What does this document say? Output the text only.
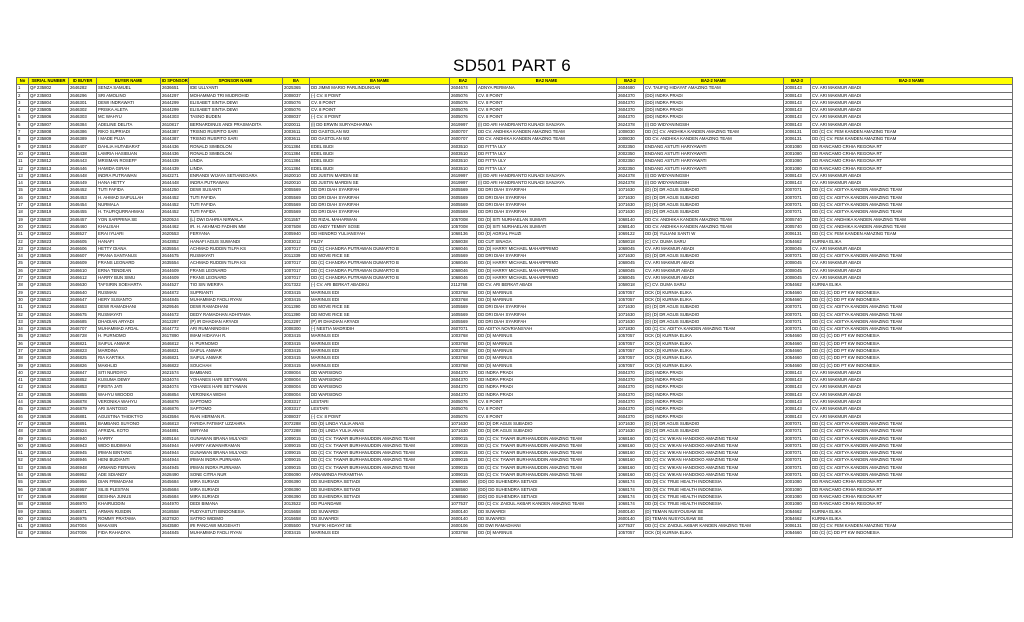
SD501 PART 6
No	SERIAL NUMBER	ID BUYER	BUYER NAME	ID SPONSOR	SPONSOR NAME	BA	BA NAME	BA2	BA2 NAME	BA2-2	BA2-2 NAME	BA2-3	BA2-3 NAME
1	Q# 235802	2646282	SENZA SAMUEL	2636651	IDE ULLYANTI	2025365	DD JIMMI MARIO PARLINDUNGAN	2604674	ADNYA PERMANA	2604680	CV. TAUFIQ HIDAYAT AMAZING TEAM	2008143	CV. ARI MAKMUR ABADI
2	Q# 235803	2646296	SRI AMOLINO	2644297	MOHAMMAD TRI MUDROHID	2008037	(-) CV. 8 POINT	2605076	CV. 8 POINT	2604370	(DD) INDRA PRADI	2008143	CV. ARI MAKMUR ABADI
3	Q# 235804	2646301	DEWI INDRAWATI	2644299	ELISABET SINTIA DEWI	2005076	CV. 8 POINT	2605076	CV. 8 POINT	2604370	(DD) INDRA PRADI	2008143	CV. ARI MAKMUR ABADI
4	Q# 235805	2646302	PRISKA ALETA	2644299	ELISABET SINTIA DEWI	2005076	CV. 8 POINT	2605076	CV. 8 POINT	2604370	(DD) INDRA PRADI	2008143	CV. ARI MAKMUR ABADI
5	Q# 235806	2646303	MC WAHYU	2644303	TASNO BUDEN	2008037	(-) CV. 8 POINT	2605076	CV. 8 POINT	2604370	(DD) INDRA PRADI	2008143	CV. ARI MAKMUR ABADI
6	Q# 235807	2646384	ADELINE DELITA	2610817	BERNARDINUS ANDI PRASMADITA	2020011	(I) DD ERWIN SURYADHARMA	2619997	(I) DD ARI HANDRIANTO KUNADI SANJAYA	2624378	(I) DD WIDYANINGSIH	2008143	CV. ARI MAKMUR ABADI
7	Q# 235808	2646386	RIKO SUPRIADI	2644387	TRISNO RUSPITO SARI	2003611	DD GASTOLAN W2	2600707	DD CV. ANDHIKA KANDEN AMAZING TEAM	1008030	DD (C) CV. ANDHIKA KANDEN AMAZING TEAM	2006131	DD (C) CV. FEM KANDEN AMAZING TEAM
8	Q# 235809	2646389	I MADE PUJA	2644387	TRISNO RUSPITO SARI	2003611	DD GASTOLAN W2	2600707	DD CV. ANDHIKA KANDEN AMAZING TEAM	1008030	DD CV. ANDHIKA KANDEN AMAZING TEAM	2006131	DD (C) CV. FEM KANDEN AMAZING TEAM
9	Q# 235810	2646407	DAHLIA HUTABARAT	2644436	RONALD SIMBOLON	2011384	EDEL BUDI	2603510	DD FITTA ULY	2002350	ENDANG ASTUTI HARIYAWATI	2001080	DD RANCAMO CRHIA REGONA RT
10	Q# 235811	2646438	LAMRIA HASIBUAN	2644436	RONALD SIMBOLON	2011384	EDEL BUDI	2603510	DD FITTA ULY	2002350	ENDANG ASTUTI HARIYAWATI	2001080	DD RANCAMO CRHIA REGONA RT
11	Q# 235812	2646443	MRISMAN ROSEFF	2644439	LINDA	2011384	EDEL BUDI	2603510	DD FITTA ULY	2002350	ENDANG ASTUTI HARIYAWATI	2001080	DD RANCAMO CRHIA REGONA RT
12	Q# 235813	2646446	HAMIDA GIRAH	2644439	LINDA	2011384	EDEL BUDI	2603510	DD FITTA ULY	2002350	ENDANG ASTUTI HARIYAWATI	2001080	DD RANCAMO CRHIA REGONA RT
13	Q# 235814	2646448	INDRA PUTRAWAN	2642271	ENRANDI WIJAYA SETIANEGARA	2620010	DD JUSTIN MARDIN SE	2619997	(I) DD ARI HANDRIANTO KUNADI SANJAYA	2624378	(I) DD WIDYANINGSIH	2008143	CV. ARI MAKMUR ABADI
14	Q# 235815	2646449	HANA HETTY	2644448	INDRA PUTRAWAN	2620010	DD JUSTIN MARDIN SE	2619997	(I) DD ARI HANDRIANTO KUNADI SANJAYA	2624378	(I) DD WIDYANINGSIH	2008143	CV. ARI MAKMUR ABADI
15	Q# 235816	2646452	TUTI FAFIDA	2644250	DEWI SUSANTI	2005569	DD DRI DIAH SYARIFAH	2605569	DD DRI DIAH SYARIFAH	1071630	(D) (D) DR AGUS SUBADIO	2007071	DD (C) CV. ADITYA KANDEN AMAZING TEAM
16	Q# 235817	2646453	H. AHMAD SAIFULLAH	2644452	TUTI FAFIDA	2005569	DD DRI DIAH SYARIFAH	2605569	DD DRI DIAH SYARIFAH	1071630	(D) (D) DR AGUS SUBADIO	2007071	DD (C) CV. ADITYA KANDEN AMAZING TEAM
17	Q# 235818	2646454	NURMALA	2644452	TUTI FAFIDA	2005569	DD DRI DIAH SYARIFAH	2605569	DD DRI DIAH SYARIFAH	1071630	(D) (D) DR AGUS SUBADIO	2007071	DD (C) CV. ADITYA KANDEN AMAZING TEAM
18	Q# 235819	2646455	H. TAUFIQURRAHMAN	2644452	TUTI FAFIDA	2005569	DD DRI DIAH SYARIFAH	2605569	DD DRI DIAH SYARIFAH	1071630	(D) (D) DR AGUS SUBADIO	2007071	DD (C) CV. ADITYA KANDEN AMAZING TEAM
19	Q# 235820	2646457	YON SARPRINA SE	2620524	(L) DWI DAHRIA NIRWALA	2011557	DD RIZAL MAHARWAN	1057008	DD (D) SITI NURHAELAN SUMIATI	1068140	DD CV. ANDHIKA KANDEN AMAZING TEAM	2005740	DD (C) CV. ANDHIKA KANDEN AMAZING TEAM
20	Q# 235821	2646460	KHALISAH	2644462	IR. H. AKHMAD FADHIN MM	2007508	DD ANDY TEMMY SOSE	1057008	DD (D) SITI NURHAELAN SUMIATI	1068140	DD CV. ANDHIKA KANDEN AMAZING TEAM	2005740	DD (C) CV. ANDHIKA KANDEN AMAZING TEAM
21	Q# 235822	2646527	ERAI IYUARI	2620553	FERYANA	2005940	DD HENDRO YULIANSYAH	1068136	DD (D) AGRIAL PAUZI	1069122	DD (D) YULIANI SANTI W	2006131	DD (C) CV. FEM KANDEN AMAZING TEAM
22	Q# 235823	2646605	HANAFI	2642852	HANAFI AGUS SUWANDI	2003012	FILDY	1058038	DD CUT SINAGA	1058018	(C) CV. DUMA SARU	2054662	KURNIA ELIKA
23	Q# 235824	2646606	HETTY DIANA	2635554	ACHMAD RUDDIN TILPA KS	1007017	DD (C) CHANDRA PUTRAWAN DUMARTO B	1068046	DD (D) HARRY MICHAEL MAHARPRIMO	1068045	CV. ARI MAKMUR ABADI	2008045	CV. ARI MAKMUR ABADI
24	Q# 235825	2646607	PRANA SANTANUS	2644675	RUSMAYATI	2011339	DD MOVE RICE SE	1605569	DD DRI DIAH SYARIFAH	1071630	(D) (D) DR AGUS SUBADIO	2007071	DD (C) CV. ADITYA KANDEN AMAZING TEAM
25	Q# 235826	2646609	FRANS LEONARD	2635554	ACHMAD RUDDIN TILPA KS	1007017	DD (C) CHANDRA PUTRAWAN DUMARTO B	1068046	DD (D) HARRY MICHAEL MAHARPRIMO	1068045	CV. ARI MAKMUR ABADI	2008045	CV. ARI MAKMUR ABADI
26	Q# 235827	2646610	ERNA TENDEAN	2644609	FRANS LEONARD	1007017	DD (C) CHANDRA PUTRAWAN DUMARTO B	1068046	DD (D) HARRY MICHAEL MAHARPRIMO	1068045	CV. ARI MAKMUR ABADI	2008045	CV. ARI MAKMUR ABADI
27	Q# 235828	2646612	HARRY BUN SIMU	2644609	FRANS LEONARD	1007017	DD (C) CHANDRA PUTRAWAN DUMARTO B	1068046	DD (D) HARRY MICHAEL MAHARPRIMO	1068045	CV. ARI MAKMUR ABADI	2008045	CV. ARI MAKMUR ABADI
28	Q# 236520	2646630	TAFSIRIN SOEHARTA	2644527	TIO SIN WERIFA	2017322	(-) CV. ARI BERKAT ABADIKU	2112768	DD CV. ARI BERKAT ABADI	1058018	(C) CV. DUMA SARU	2054662	KURNIA ELIKA
29	Q# 236521	2646640	RUSMAN	2644872	SUPRIANTI	2003415	MARINUS EDI	1003768	DD (D) MARINUS	1057057	DCK (D) KURNIA ELIKA	2054660	DD (C) (C) DD PT KW INDONESIA
30	Q# 236522	2646647	HERY SUSANTO	2644845	MUHAMMAD FADLI RYAN	2003415	MARINUS EDI	1003768	DD (D) MARINUS	1057057	DCK (D) KURNIA ELIKA	2054660	DD (C) (C) DD PT KW INDONESIA
31	Q# 236523	2646653	DEWI RAMADHANI	2629546	DEWI RAMADHANI	2011390	DD MOVE RICE SE	1605569	DD DRI DIAH SYARIFAH	1071630	(D) (D) DR AGUS SUBADIO	2007071	DD (C) CV. ADITYA KANDEN AMAZING TEAM
32	Q# 236524	2646675	RUSMAYATI	2644672	DEDY RAMADHAN ADHITAMA	2011390	DD MOVE RICE SE	1605569	DD DRI DIAH SYARIFAH	1071630	(D) (D) DR AGUS SUBADIO	2007071	DD (C) CV. ADITYA KANDEN AMAZING TEAM
33	Q# 236525	2646685	DHADIAN ARYADI	2612297	(P) IR DHADIAN ARYADI	2012297	(P) IR DHADIAN ARYADI	1605569	DD DRI DIAH SYARIFAH	1071630	(D) (D) DR AGUS SUBADIO	2007071	DD (C) CV. ADITYA KANDEN AMAZING TEAM
34	Q# 236526	2646707	MUHAMMAD AFDAL	2644772	ARI RUMANINDISH	2008300	(-) NESTIA MADRIDIH	2607071	DD ADITYA NOVRIANSYAH	1071830	DD (C) CV. ADITYA KANDEN AMAZING TEAM	2007071	DD (C) CV. ADITYA KANDEN AMAZING TEAM
35	Q# 236527	2646728	H. PURNOMO	2617890	IMAM HIDAYAH R.	2003415	MARINUS EDI	1003768	DD (D) MARINUS	1057057	DCK (D) KURNIA ELIKA	2054660	DD (C) (C) DD PT KW INDONESIA
36	Q# 236528	2646821	SAIFUL ANWAR	2646812	H. PURNOMO	2003415	MARINUS EDI	1003768	DD (D) MARINUS	1057057	DCK (D) KURNIA ELIKA	2054660	DD (C) (C) DD PT KW INDONESIA
37	Q# 236529	2646823	MARDINA	2646821	SAIFUL ANWAR	2003415	MARINUS EDI	1003768	DD (D) MARINUS	1057057	DCK (D) KURNIA ELIKA	2054660	DD (C) (C) DD PT KW INDONESIA
38	Q# 236530	2646825	RIA KARTIKA	2646821	SAIFUL ANWAR	2003415	MARINUS EDI	1003768	DD (D) MARINUS	1057057	DCK (D) KURNIA ELIKA	2054660	DD (C) (C) DD PT KW INDONESIA
39	Q# 236531	2646826	MAKHLID	2646822	SOUCHAH	2003415	MARINUS EDI	1003768	DD (D) MARINUS	1057057	DCK (D) KURNIA ELIKA	2054660	DD (C) (C) DD PT KW INDONESIA
40	Q# 236532	2646847	SITI NURDIYO	2621574	BAMBANG	2008004	DD WARSIDNO	2604370	DD INDRA PRADI	2604370	(DD) INDRA PRADI	2008143	CV. ARI MAKMUR ABADI
41	Q# 236533	2646852	KUSUMA DEWY	2634074	YOHANES HARI SETYAWAN	2008004	DD WARSIDNO	2604370	DD INDRA PRADI	2604370	(DD) INDRA PRADI	2008143	CV. ARI MAKMUR ABADI
42	Q# 236534	2646853	FIRSTA JATI	2634074	YOHANES HARI SETYAWAN	2008004	DD WARSIDNO	2604370	DD INDRA PRADI	2604370	(DD) INDRA PRADI	2008143	CV. ARI MAKMUR ABADI
43	Q# 236535	2646855	WAHYU WIDODO	2646854	VERONIKA WIDHI	2008004	DD WARSIDNO	2604370	DD INDRA PRADI	2604370	(DD) INDRA PRADI	2008143	CV. ARI MAKMUR ABADI
44	Q# 236536	2646878	VERONIKA WAHYU	2646876	SAPTOMO	2003317	LESTARI	2605076	CV. 8 POINT	2604370	(DD) INDRA PRADI	2008143	CV. ARI MAKMUR ABADI
45	Q# 236537	2646879	ARI SANTOSO	2646876	SAPTOMO	2003317	LESTARI	2605076	CV. 8 POINT	2604370	(DD) INDRA PRADI	2008143	CV. ARI MAKMUR ABADI
46	Q# 236538	2646881	AGUSTINA THIOKTYO	2643594	RIAN HERMAN R.	2008037	(-) CV. 8 POINT	2605076	CV. 8 POINT	2604370	(DD) INDRA PRADI	2008143	CV. ARI MAKMUR ABADI
47	Q# 236539	2646891	BAMBANG SUYONO	2646813	FARIDA FATIMAT UZZAHRA	2072288	DD (D) LINDA YULIA ANAS	1071630	DD (D) DR AGUS SUBADIO	1071630	(D) (D) DR AGUS SUBADIO	2007071	DD (C) CV. ADITYA KANDEN AMAZING TEAM
48	Q# 236540	2646924	AFRIZAL KOTO	2644891	WIRYANI	2072288	DD (D) LINDA YULIA ANAS	1071630	DD (D) DR AGUS SUBADIO	1071630	(D) (D) DR AGUS SUBADIO	2007071	DD (C) CV. ADITYA KANDEN AMAZING TEAM
49	Q# 236541	2646940	HARRY	2605164	GUNAWAN BRANA MULYADI	1009015	DD (C) CV. TAWAR BURHANUDDIN AMAZING TEAM	1009015	DD (C) CV. TAWAR BURHANUDDIN AMAZING TEAM	1068160	DD (C) CV. WIKAN HANDOKO AMAZING TEAM	2007071	DD (C) CV. ADITYA KANDEN AMAZING TEAM
50	Q# 236542	2646943	WIDO BUDIMAN	2644944	HARRY AKWANHRAMAN	1009015	DD (C) CV. TAWAR BURHANUDDIN AMAZING TEAM	1009015	DD (C) CV. TAWAR BURHANUDDIN AMAZING TEAM	1068160	DD (C) CV. WIKAN HANDOKO AMAZING TEAM	2007071	DD (C) CV. ADITYA KANDEN AMAZING TEAM
51	Q# 236543	2646945	IRMAN BINTANG	2644944	GUNAWAN BRANA MULYADI	1009015	DD (C) CV. TAWAR BURHANUDDIN AMAZING TEAM	1009015	DD (C) CV. TAWAR BURHANUDDIN AMAZING TEAM	1068160	DD (C) CV. WIKAN HANDOKO AMAZING TEAM	2007071	DD (C) CV. ADITYA KANDEN AMAZING TEAM
52	Q# 236544	2646946	HENI BUDIANTI	2644944	IRMAN INDRA PURNAMA	1009015	DD (C) CV. TAWAR BURHANUDDIN AMAZING TEAM	1009015	DD (C) CV. TAWAR BURHANUDDIN AMAZING TEAM	1068160	DD (C) CV. WIKAN HANDOKO AMAZING TEAM	2007071	DD (C) CV. ADITYA KANDEN AMAZING TEAM
53	Q# 236545	2646948	ARMAND FERNAN	2644945	IRMAN INDRA PURNAMA	1009015	DD (C) CV. TAWAR BURHANUDDIN AMAZING TEAM	1009015	DD (C) CV. TAWAR BURHANUDDIN AMAZING TEAM	1068160	DD (C) CV. WIKAN HANDOKO AMAZING TEAM	2007071	DD (C) CV. ADITYA KANDEN AMAZING TEAM
54	Q# 236546	2646952	ADE SDIANDY	2628490	SONE CITRA NUR	2006090	ARNAWINDA PARAMITHA	1009015	DD (C) CV. TAWAR BURHANUDDIN AMAZING TEAM	1068160	DD (C) CV. WIKAN HANDOKO AMAZING TEAM	2007071	DD (C) CV. ADITYA KANDEN AMAZING TEAM
55	Q# 236547	2646956	DIAN FRIMADANI	2645684	MIRA SURIADI	2006390	DD SUHENDRA SETIADI	1068560	(DD) DD SUHENDRA SETIADI	1068174	DD (D) CV. TRUE HEALTH INDONESIA	2001080	DD RANCAMO CRHIA REGONA RT
56	Q# 236548	2646957	SILIS PLESTAN	2645684	MIRA SURIADI	2006390	DD SUHENDRA SETIADI	1068560	(DD) DD SUHENDRA SETIADI	1068174	DD (D) CV. TRUE HEALTH INDONESIA	2001080	DD RANCAMO CRHIA REGONA RT
57	Q# 236549	2646958	DESHNA JUNUS	2645684	MIRA SURIADI	2006390	DD SUHENDRA SETIADI	1068560	(DD) DD SUHENDRA SETIADI	1068174	DD (D) CV. TRUE HEALTH INDONESIA	2001080	DD RANCAMO CRHIA REGONA RT
58	Q# 236550	2646970	KHAIRUDDIN	2644970	DEDI BIMANA	2013522	DD PUANDAWI	1077537	DD (C) CV. ZAIDUL AKBAR KANDEN AMAZING TEAM	1068174	DD (D) CV. TRUE HEALTH INDONESIA	2001080	DD RANCAMO CRHIA REGONA RT
59	Q# 236551	2646971	ARMAN RUSDIN	2618558	PUDYASTUTI BINDONESIA	2015658	DD SUWARDI	2600140	DD SUWARDI	2600140	(D) TEMAN NUSYOUSAW SE	2054662	KURNIA ELIKA
60	Q# 236552	2646975	ROMMY PRATAMA	2637820	SATRIO WIDIMO	2015658	DD SUWARDI	2600140	DD SUWARDI	2600140	(D) TEMAN NUSYOUSAW SE	2054662	KURNIA ELIKA
61	Q# 236553	2647004	MAKASIN	2643580	IRI PANCAWI MUGEHATI	2005500	TAUFIK HIDAYAT SE	2600106	DD DWI RAMADHANI	1077537	DD (C) CV. ZAIDUL AKBAR KANDEN AMAZING TEAM	2006131	DD (C) CV. FEM KANDEN AMAZING TEAM
62	Q# 236554	2647006	FIDA RAHADIYA	2644845	MUHAMMAD FADLI RYAN	2003415	MARINUS EDI	1003768	DD (D) MARINUS	1057057	DCK (D) KURNIA ELIKA	2054660	DD (C) (C) DD PT KW INDONESIA
